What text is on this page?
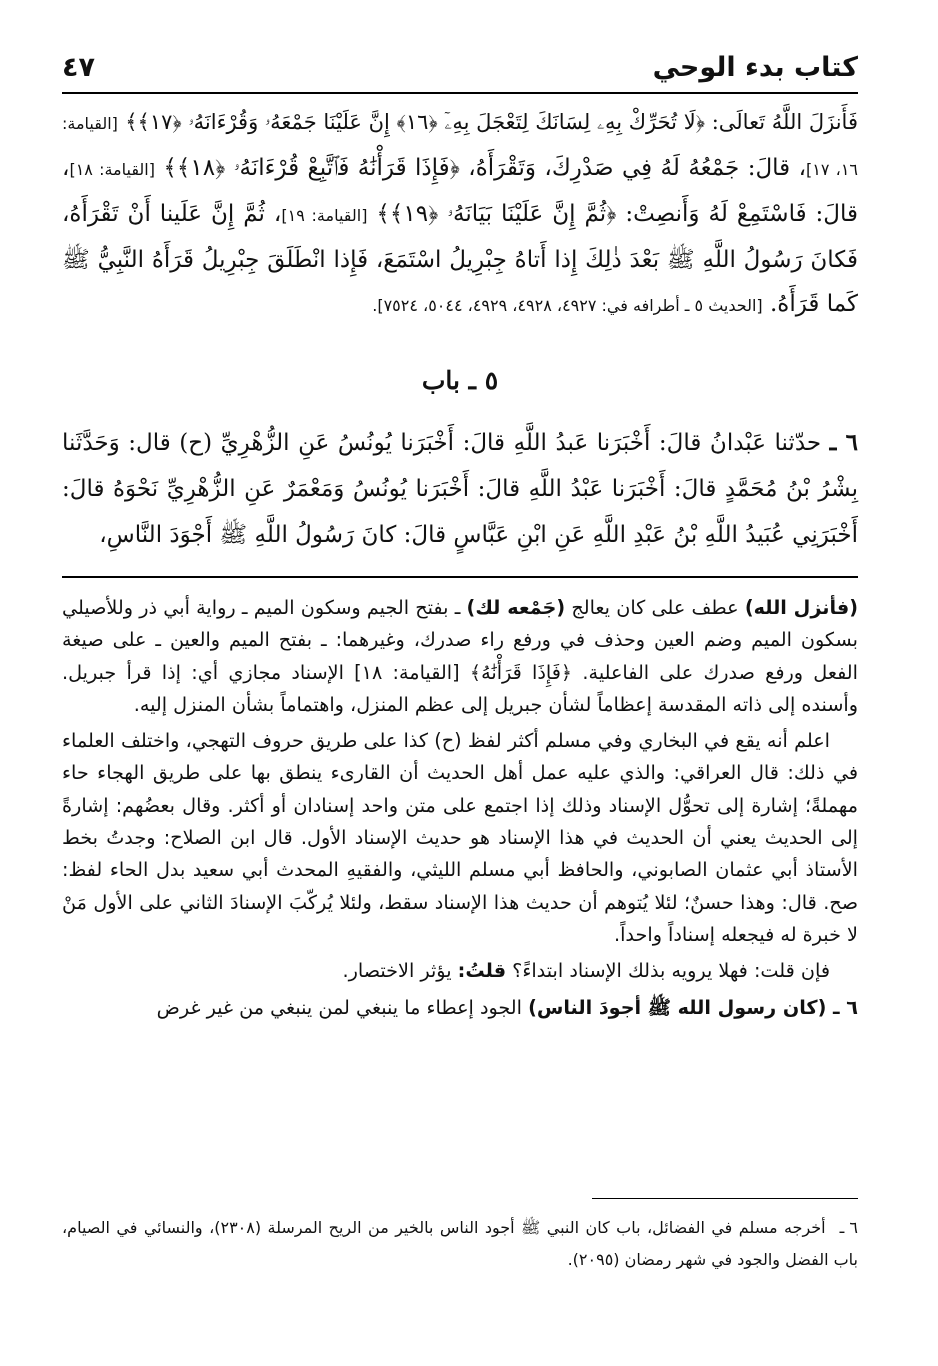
كتاب بدء الوحي
٤٧

فَأَنزَلَ اللَّهُ تَعالَى: ﴿لَا تُحَرِّكْ بِهِۦ لِسَانَكَ لِتَعْجَلَ بِهِۦٓ ﴿١٦﴾ إِنَّ عَلَيْنَا جَمْعَهُۥ وَقُرْءَانَهُۥ ﴿١٧﴾﴾ [القيامة: ١٦، ١٧]، قالَ: جَمْعُهُ لَهُ فِي صَدْرِكَ، وَتَقْرَأَهُ، ﴿فَإِذَا قَرَأْنَٰهُ فَٱتَّبِعْ قُرْءَانَهُۥ ﴿١٨﴾﴾ [القيامة: ١٨]، قالَ: فَاسْتَمِعْ لَهُ وَأَنصِتْ: ﴿ثُمَّ إِنَّ عَلَيْنَا بَيَانَهُۥ ﴿١٩﴾﴾ [القيامة: ١٩]، ثُمَّ إِنَّ عَلَينا أَنْ تَقْرَأَهُ، فَكانَ رَسُولُ اللَّهِ ﷺ بَعْدَ ذٰلِكَ إِذا أَتاهُ جِبْرِيلُ اسْتَمَعَ، فَإِذا انْطَلَقَ جِبْرِيلُ قَرَأَهُ النَّبِيُّ ﷺ كَما قَرَأَهُ. [الحديث ٥ ـ أطرافه في: ٤٩٢٧، ٤٩٢٨، ٤٩٢٩، ٥٠٤٤، ٧٥٢٤].

٥ ـ باب

٦ ـ حدّثنا عَبْدانُ قالَ: أَخْبَرَنا عَبدُ اللَّهِ قالَ: أَخْبَرَنا يُونُسُ عَنِ الزُّهْرِيِّ (ح) قال: وَحَدَّثَنا بِشْرُ بْنُ مُحَمَّدٍ قالَ: أَخْبَرَنا عَبْدُ اللَّهِ قالَ: أَخْبَرَنا يُونُسُ وَمَعْمَرٌ عَنِ الزُّهْرِيِّ نَحْوَهُ قالَ: أَخْبَرَنِي عُبَيدُ اللَّهِ بْنُ عَبْدِ اللَّهِ عَنِ ابْنِ عَبَّاسٍ قالَ: كانَ رَسُولُ اللَّهِ ﷺ أَجْوَدَ النَّاسِ،

(فأنزل الله) عطف على كان يعالج (جَمْعه لك) ـ بفتح الجيم وسكون الميم ـ رواية أبي ذر وللأصيلي بسكون الميم وضم العين وحذف في ورفع راء صدرك، وغيرهما: ـ بفتح الميم والعين ـ على صيغة الفعل ورفع صدرك على الفاعلية. ﴿فَإِذَا قَرَأْنَٰهُ﴾ [القيامة: ١٨] الإسناد مجازي أي: إذا قرأ جبريل. وأسنده إلى ذاته المقدسة إعظاماً لشأن جبريل إلى عظم المنزل، واهتماماً بشأن المنزل إليه.

اعلم أنه يقع في البخاري وفي مسلم أكثر لفظ (ح) كذا على طريق حروف التهجي، واختلف العلماء في ذلك: قال العراقي: والذي عليه عمل أهل الحديث أن القارىء ينطق بها على طريق الهجاء حاء مهملةً؛ إشارة إلى تحوُّل الإسناد وذلك إذا اجتمع على متن واحد إسنادان أو أكثر. وقال بعضُهم: إشارةً إلى الحديث يعني أن الحديث في هذا الإسناد هو حديث الإسناد الأول. قال ابن الصلاح: وجدتُ بخط الأستاذ أبي عثمان الصابوني، والحافظ أبي مسلم الليثي، والفقيهِ المحدث أبي سعيد بدل الحاء لفظ: صح. قال: وهذا حسنٌ؛ لئلا يُتوهم أن حديث هذا الإسناد سقط، ولئلا يُركّبَ الإسنادَ الثاني على الأول مَنْ لا خبرة له فيجعله إسناداً واحداً.

فإن قلت: فهلا يرويه بذلك الإسناد ابتداءً؟ قلتُ: يؤثر الاختصار.

٦ ـ (كان رسول الله ﷺ أجودَ الناس) الجود إعطاء ما ينبغي لمن ينبغي من غير غرض

٦ ـأخرجه مسلم في الفضائل، باب كان النبي ﷺ أجود الناس بالخير من الريح المرسلة (٢٣٠٨)، والنسائي في الصيام، باب الفضل والجود في شهر رمضان (٢٠٩٥).
